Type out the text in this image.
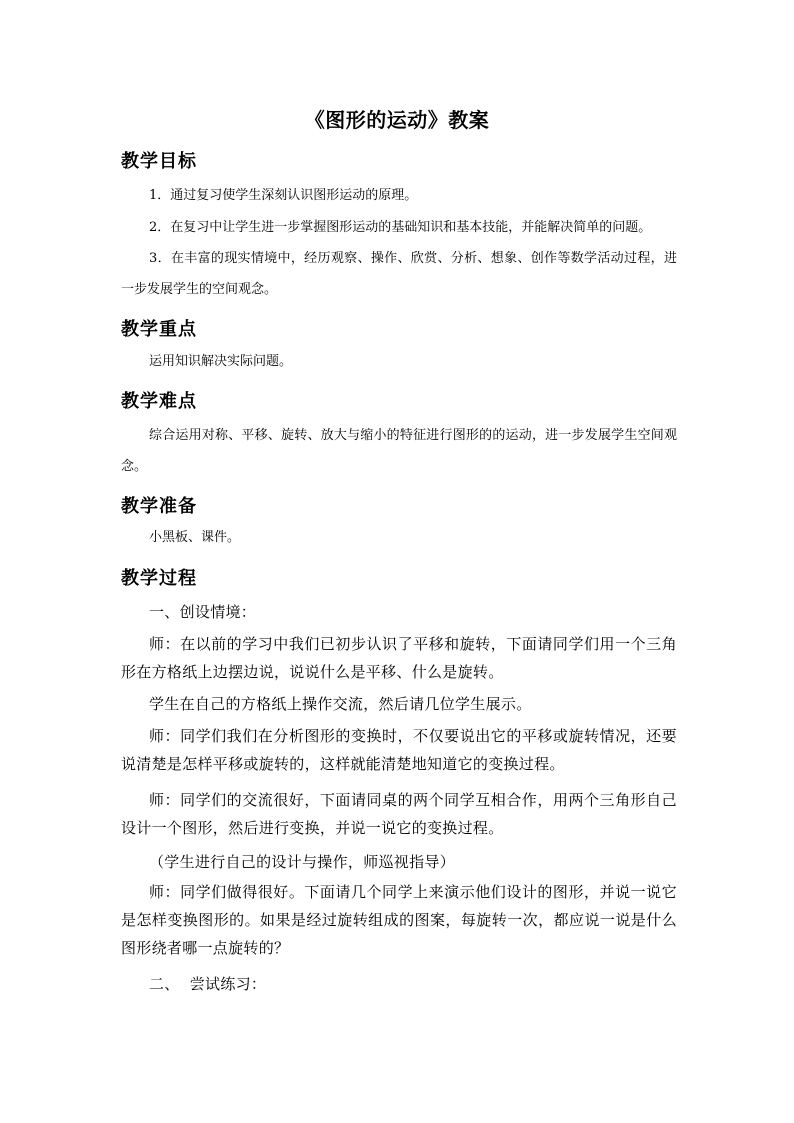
《图形的运动》教案
教学目标

1．通过复习使学生深刻认识图形运动的原理。

2．在复习中让学生进一步掌握图形运动的基础知识和基本技能，并能解决简单的问题。

3．在丰富的现实情境中，经历观察、操作、欣赏、分析、想象、创作等数学活动过程，进一步发展学生的空间观念。

教学重点

运用知识解决实际问题。

教学难点

综合运用对称、平移、旋转、放大与缩小的特征进行图形的的运动，进一步发展学生空间观念。

教学准备

小黑板、课件。

教学过程

一、创设情境：

师：在以前的学习中我们已初步认识了平移和旋转，下面请同学们用一个三角形在方格纸上边摆边说，说说什么是平移、什么是旋转。

学生在自己的方格纸上操作交流，然后请几位学生展示。

师：同学们我们在分析图形的变换时，不仅要说出它的平移或旋转情况，还要说清楚是怎样平移或旋转的，这样就能清楚地知道它的变换过程。

师：同学们的交流很好，下面请同桌的两个同学互相合作，用两个三角形自己设计一个图形，然后进行变换，并说一说它的变换过程。

（学生进行自己的设计与操作，师巡视指导）

师：同学们做得很好。下面请几个同学上来演示他们设计的图形，并说一说它是怎样变换图形的。如果是经过旋转组成的图案，每旋转一次，都应说一说是什么图形绕者哪一点旋转的？

二、  尝试练习：
